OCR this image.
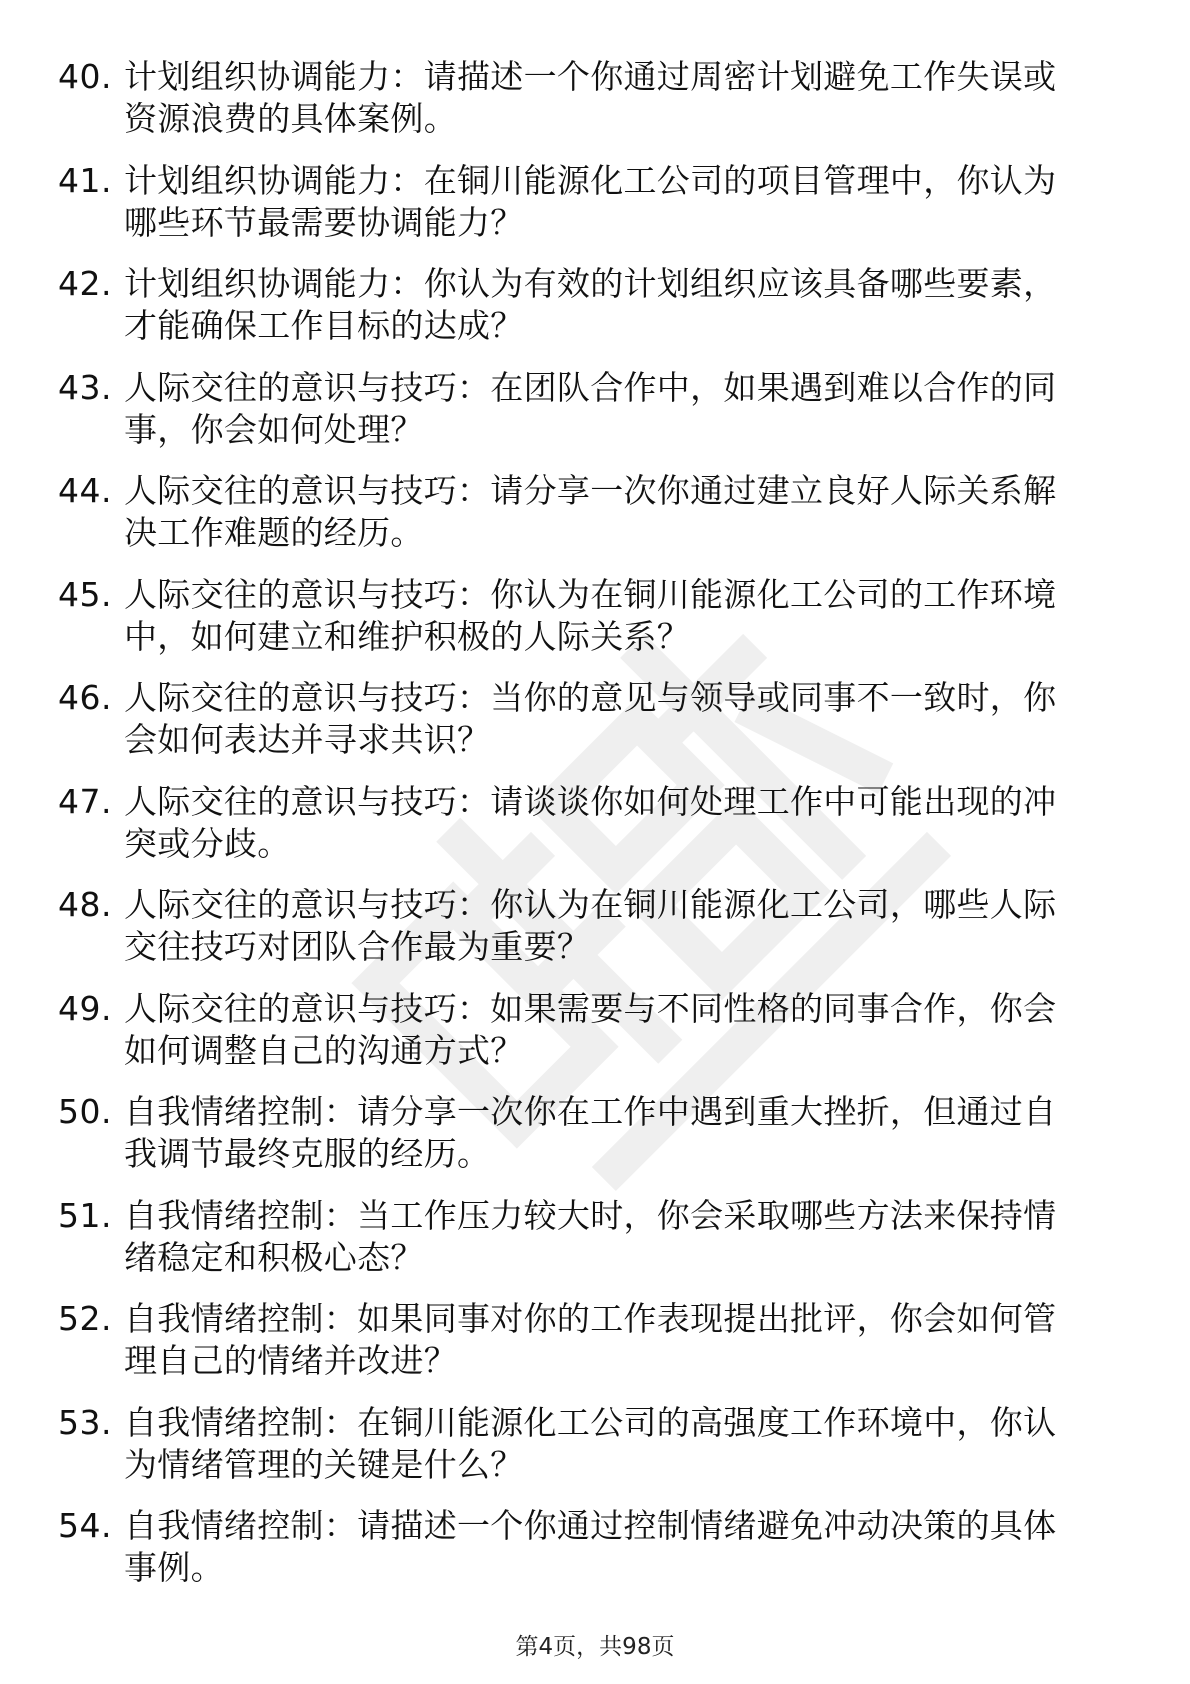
40. 计划组织协调能力：请描述一个你通过周密计划避免工作失误或资源浪费的具体案例。
41. 计划组织协调能力：在铜川能源化工公司的项目管理中，你认为哪些环节最需要协调能力？
42. 计划组织协调能力：你认为有效的计划组织应该具备哪些要素，才能确保工作目标的达成？
43. 人际交往的意识与技巧：在团队合作中，如果遇到难以合作的同事，你会如何处理？
44. 人际交往的意识与技巧：请分享一次你通过建立良好人际关系解决工作难题的经历。
45. 人际交往的意识与技巧：你认为在铜川能源化工公司的工作环境中，如何建立和维护积极的人际关系？
46. 人际交往的意识与技巧：当你的意见与领导或同事不一致时，你会如何表达并寻求共识？
47. 人际交往的意识与技巧：请谈谈你如何处理工作中可能出现的冲突或分歧。
48. 人际交往的意识与技巧：你认为在铜川能源化工公司，哪些人际交往技巧对团队合作最为重要？
49. 人际交往的意识与技巧：如果需要与不同性格的同事合作，你会如何调整自己的沟通方式？
50. 自我情绪控制：请分享一次你在工作中遇到重大挫折，但通过自我调节最终克服的经历。
51. 自我情绪控制：当工作压力较大时，你会采取哪些方法来保持情绪稳定和积极心态？
52. 自我情绪控制：如果同事对你的工作表现提出批评，你会如何管理自己的情绪并改进？
53. 自我情绪控制：在铜川能源化工公司的高强度工作环境中，你认为情绪管理的关键是什么？
54. 自我情绪控制：请描述一个你通过控制情绪避免冲动决策的具体事例。
第4页，共98页
